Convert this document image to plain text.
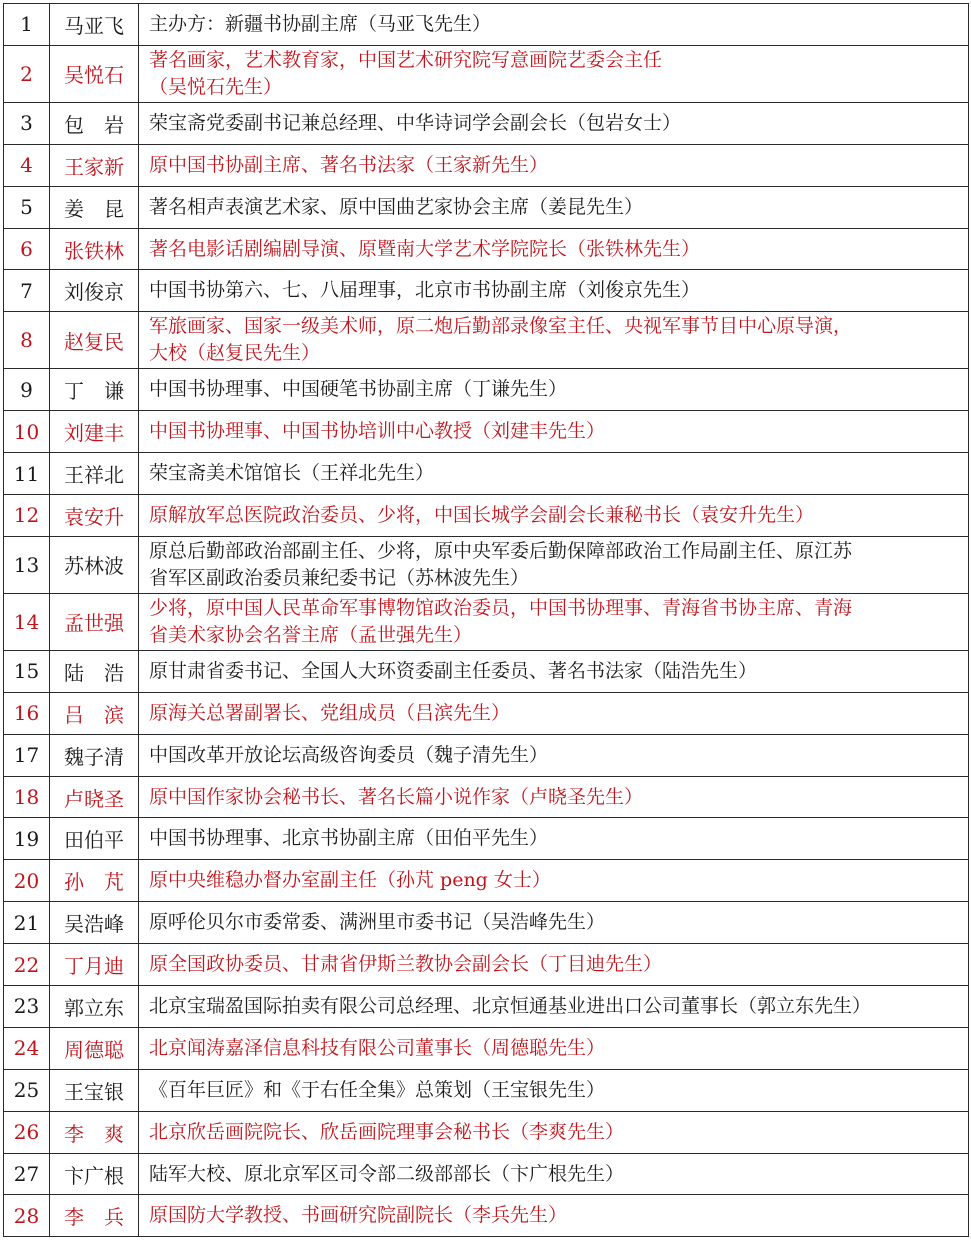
1	马亚飞	主办方：新疆书协副主席（马亚飞先生）
2	吴悦石	著名画家，艺术教育家，中国艺术研究院写意画院艺委会主任
（吴悦石先生）
3	包　岩	荣宝斋党委副书记兼总经理、中华诗词学会副会长（包岩女士）
4	王家新	原中国书协副主席、著名书法家（王家新先生）
5	姜　昆	著名相声表演艺术家、原中国曲艺家协会主席（姜昆先生）
6	张铁林	著名电影话剧编剧导演、原暨南大学艺术学院院长（张铁林先生）
7	刘俊京	中国书协第六、七、八届理事，北京市书协副主席（刘俊京先生）
8	赵复民	军旅画家、国家一级美术师，原二炮后勤部录像室主任、央视军事节目中心原导演，
大校（赵复民先生）
9	丁　谦	中国书协理事、中国硬笔书协副主席（丁谦先生）
10	刘建丰	中国书协理事、中国书协培训中心教授（刘建丰先生）
11	王祥北	荣宝斋美术馆馆长（王祥北先生）
12	袁安升	原解放军总医院政治委员、少将，中国长城学会副会长兼秘书长（袁安升先生）
13	苏林波	原总后勤部政治部副主任、少将，原中央军委后勤保障部政治工作局副主任、原江苏
省军区副政治委员兼纪委书记（苏林波先生）
14	孟世强	少将，原中国人民革命军事博物馆政治委员，中国书协理事、青海省书协主席、青海
省美术家协会名誉主席（孟世强先生）
15	陆　浩	原甘肃省委书记、全国人大环资委副主任委员、著名书法家（陆浩先生）
16	吕　滨	原海关总署副署长、党组成员（吕滨先生）
17	魏子清	中国改革开放论坛高级咨询委员（魏子清先生）
18	卢晓圣	原中国作家协会秘书长、著名长篇小说作家（卢晓圣先生）
19	田伯平	中国书协理事、北京书协副主席（田伯平先生）
20	孙　芃	原中央维稳办督办室副主任（孙芃 peng 女士）
21	吴浩峰	原呼伦贝尔市委常委、满洲里市委书记（吴浩峰先生）
22	丁月迪	原全国政协委员、甘肃省伊斯兰教协会副会长（丁目迪先生）
23	郭立东	北京宝瑞盈国际拍卖有限公司总经理、北京恒通基业进出口公司董事长（郭立东先生）
24	周德聪	北京闻涛嘉泽信息科技有限公司董事长（周德聪先生）
25	王宝银	《百年巨匠》和《于右任全集》总策划（王宝银先生）
26	李　爽	北京欣岳画院院长、欣岳画院理事会秘书长（李爽先生）
27	卞广根	陆军大校、原北京军区司令部二级部部长（卞广根先生）
28	李　兵	原国防大学教授、书画研究院副院长（李兵先生）
